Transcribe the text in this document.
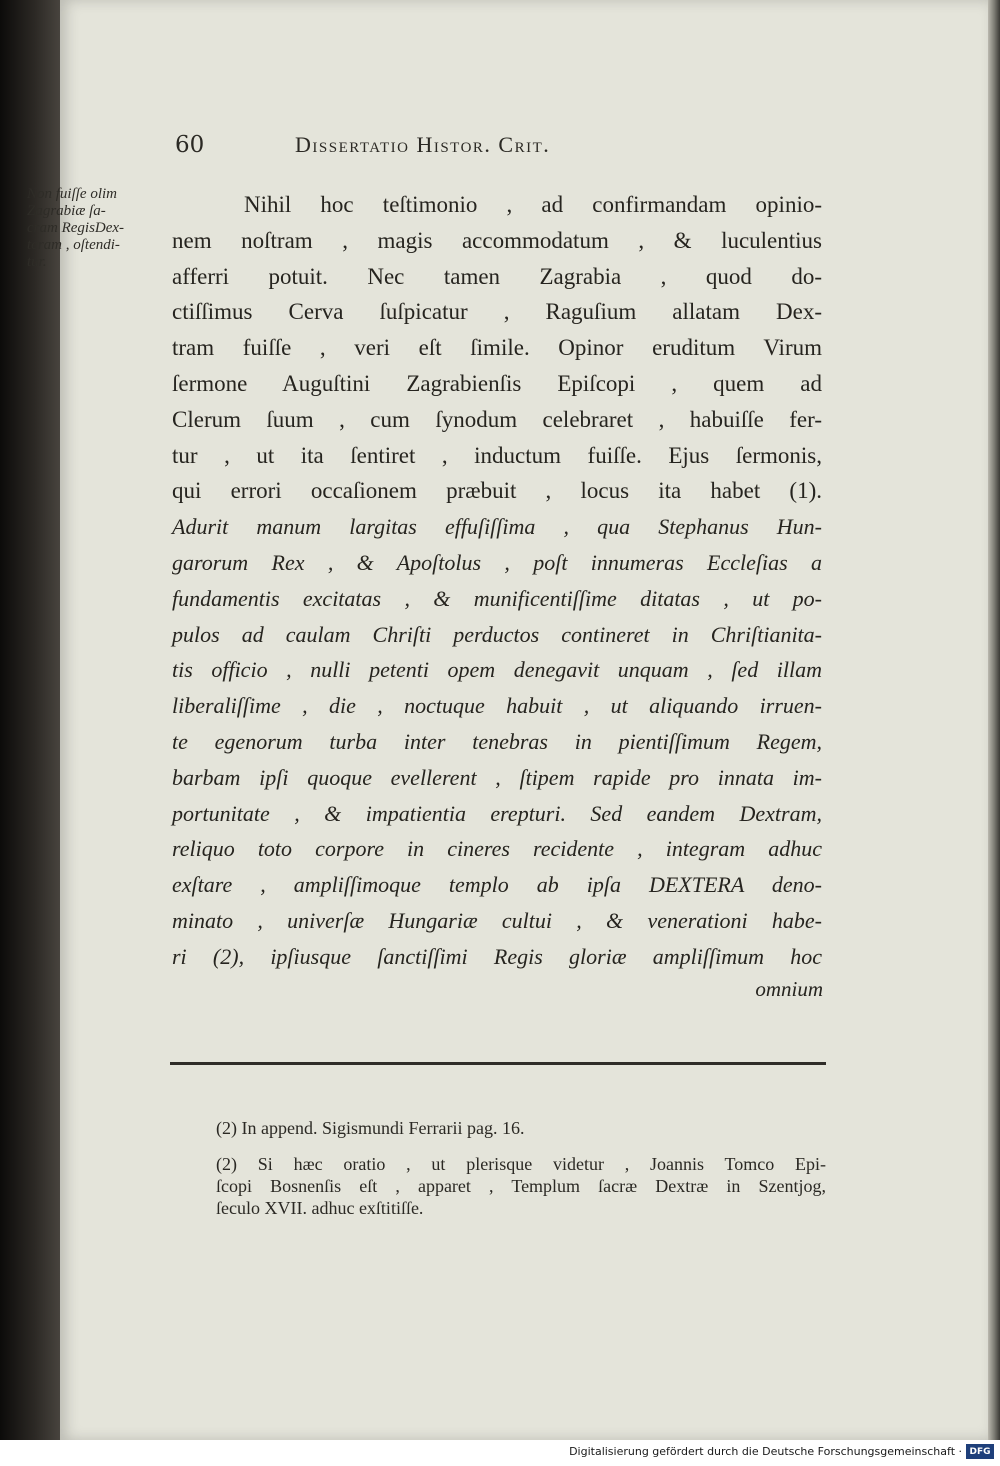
60	Dissertatio Histor. Crit.
Non fuiſſe olim
Zagrabiæ ſa-
cram RegisDex-
teram , oſtendi-
tur.
Nihil hoc teſtimonio , ad confirmandam opinio-
nem noſtram , magis accommodatum , & luculentius
afferri potuit. Nec tamen Zagrabia , quod do-
ctiſſimus Cerva ſuſpicatur , Raguſium allatam Dex-
tram fuiſſe , veri eſt ſimile. Opinor eruditum Virum
ſermone Auguſtini Zagrabienſis Epiſcopi , quem ad
Clerum ſuum , cum ſynodum celebraret , habuiſſe fer-
tur , ut ita ſentiret , inductum fuiſſe. Ejus ſermonis,
qui errori occaſionem præbuit , locus ita habet (1).
Adurit manum largitas effuſiſſima , qua Stephanus Hun-
garorum Rex , & Apoſtolus , poſt innumeras Eccleſias a
fundamentis excitatas , & munificentiſſime ditatas , ut po-
pulos ad caulam Chriſti perductos contineret in Chriſtianita-
tis officio , nulli petenti opem denegavit unquam , ſed illam
liberaliſſime , die , noctuque habuit , ut aliquando irruen-
te egenorum turba inter tenebras in pientiſſimum Regem,
barbam ipſi quoque evellerent , ſtipem rapide pro innata im-
portunitate , & impatientia erepturi. Sed eandem Dextram,
reliquo toto corpore in cineres recidente , integram adhuc
exſtare , ampliſſimoque templo ab ipſa DEXTERA deno-
minato , univerſæ Hungariæ cultui , & venerationi habe-
ri (2), ipſiusque ſanctiſſimi Regis gloriæ ampliſſimum hoc
omnium
(2) In append. Sigismundi Ferrarii pag. 16.
(2) Si hæc oratio , ut plerisque videtur , Joannis Tomco Epi-
ſcopi Bosnenſis eſt , apparet , Templum ſacræ Dextræ in Szentjog,
ſeculo XVII. adhuc exſtitiſſe.
Digitalisierung gefördert durch die Deutsche Forschungsgemeinschaft · DFG
